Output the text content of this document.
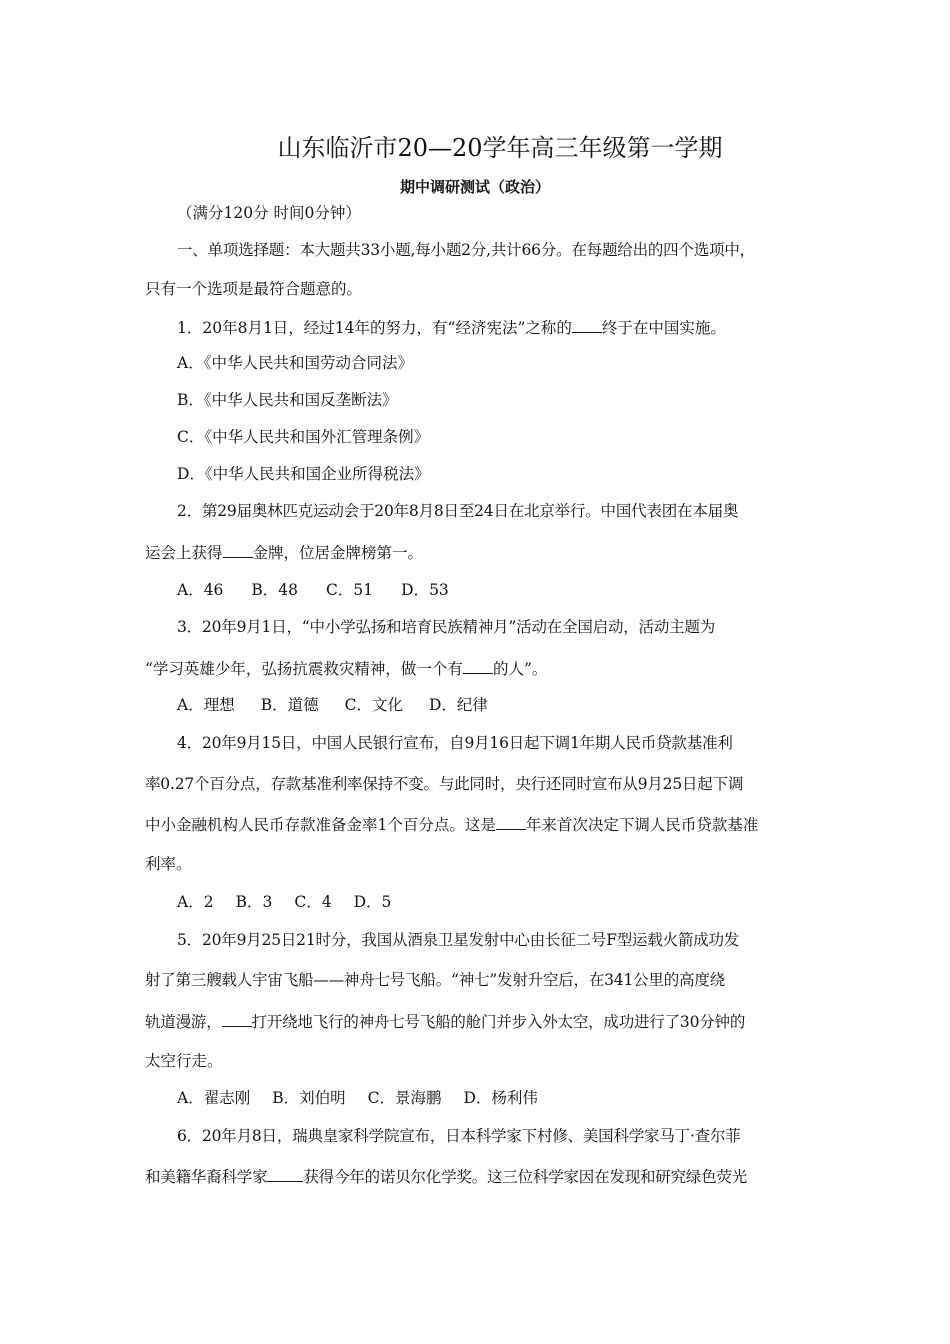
山东临沂市20—20学年高三年级第一学期
期中调研测试（政治）
（满分120分 时间0分钟）
一、单项选择题：本大题共33小题,每小题2分,共计66分。在每题给出的四个选项中，
只有一个选项是最符合题意的。
1．20年8月1日，经过14年的努力，有“经济宪法”之称的 终于在中国实施。
A．《中华人民共和国劳动合同法》
B．《中华人民共和国反垄断法》
C．《中华人民共和国外汇管理条例》
D．《中华人民共和国企业所得税法》
2．第29届奥林匹克运动会于20年8月8日至24日在北京举行。中国代表团在本届奥
运会上获得 金牌，位居金牌榜第一。
A．46 B．48 C．51 D．53
3．20年9月1日，“中小学弘扬和培育民族精神月”活动在全国启动，活动主题为
“学习英雄少年，弘扬抗震救灾精神，做一个有 的人”。
A．理想 B．道德 C．文化 D．纪律
4．20年9月15日，中国人民银行宣布，自9月16日起下调1年期人民币贷款基准利
率0.27个百分点，存款基准利率保持不变。与此同时，央行还同时宣布从9月25日起下调
中小金融机构人民币存款准备金率1个百分点。这是 年来首次决定下调人民币贷款基准
利率。
A．2 B．3 C．4 D．5
5．20年9月25日21时分，我国从酒泉卫星发射中心由长征二号F型运载火箭成功发
射了第三艘载人宇宙飞船——神舟七号飞船。“神七”发射升空后，在341公里的高度绕
轨道漫游， 打开绕地飞行的神舟七号飞船的舱门并步入外太空，成功进行了30分钟的
太空行走。
A．翟志刚 B．刘伯明 C．景海鹏 D．杨利伟
6．20年月8日，瑞典皇家科学院宣布，日本科学家下村修、美国科学家马丁·查尔菲
和美籍华裔科学家 获得今年的诺贝尔化学奖。这三位科学家因在发现和研究绿色荧光
